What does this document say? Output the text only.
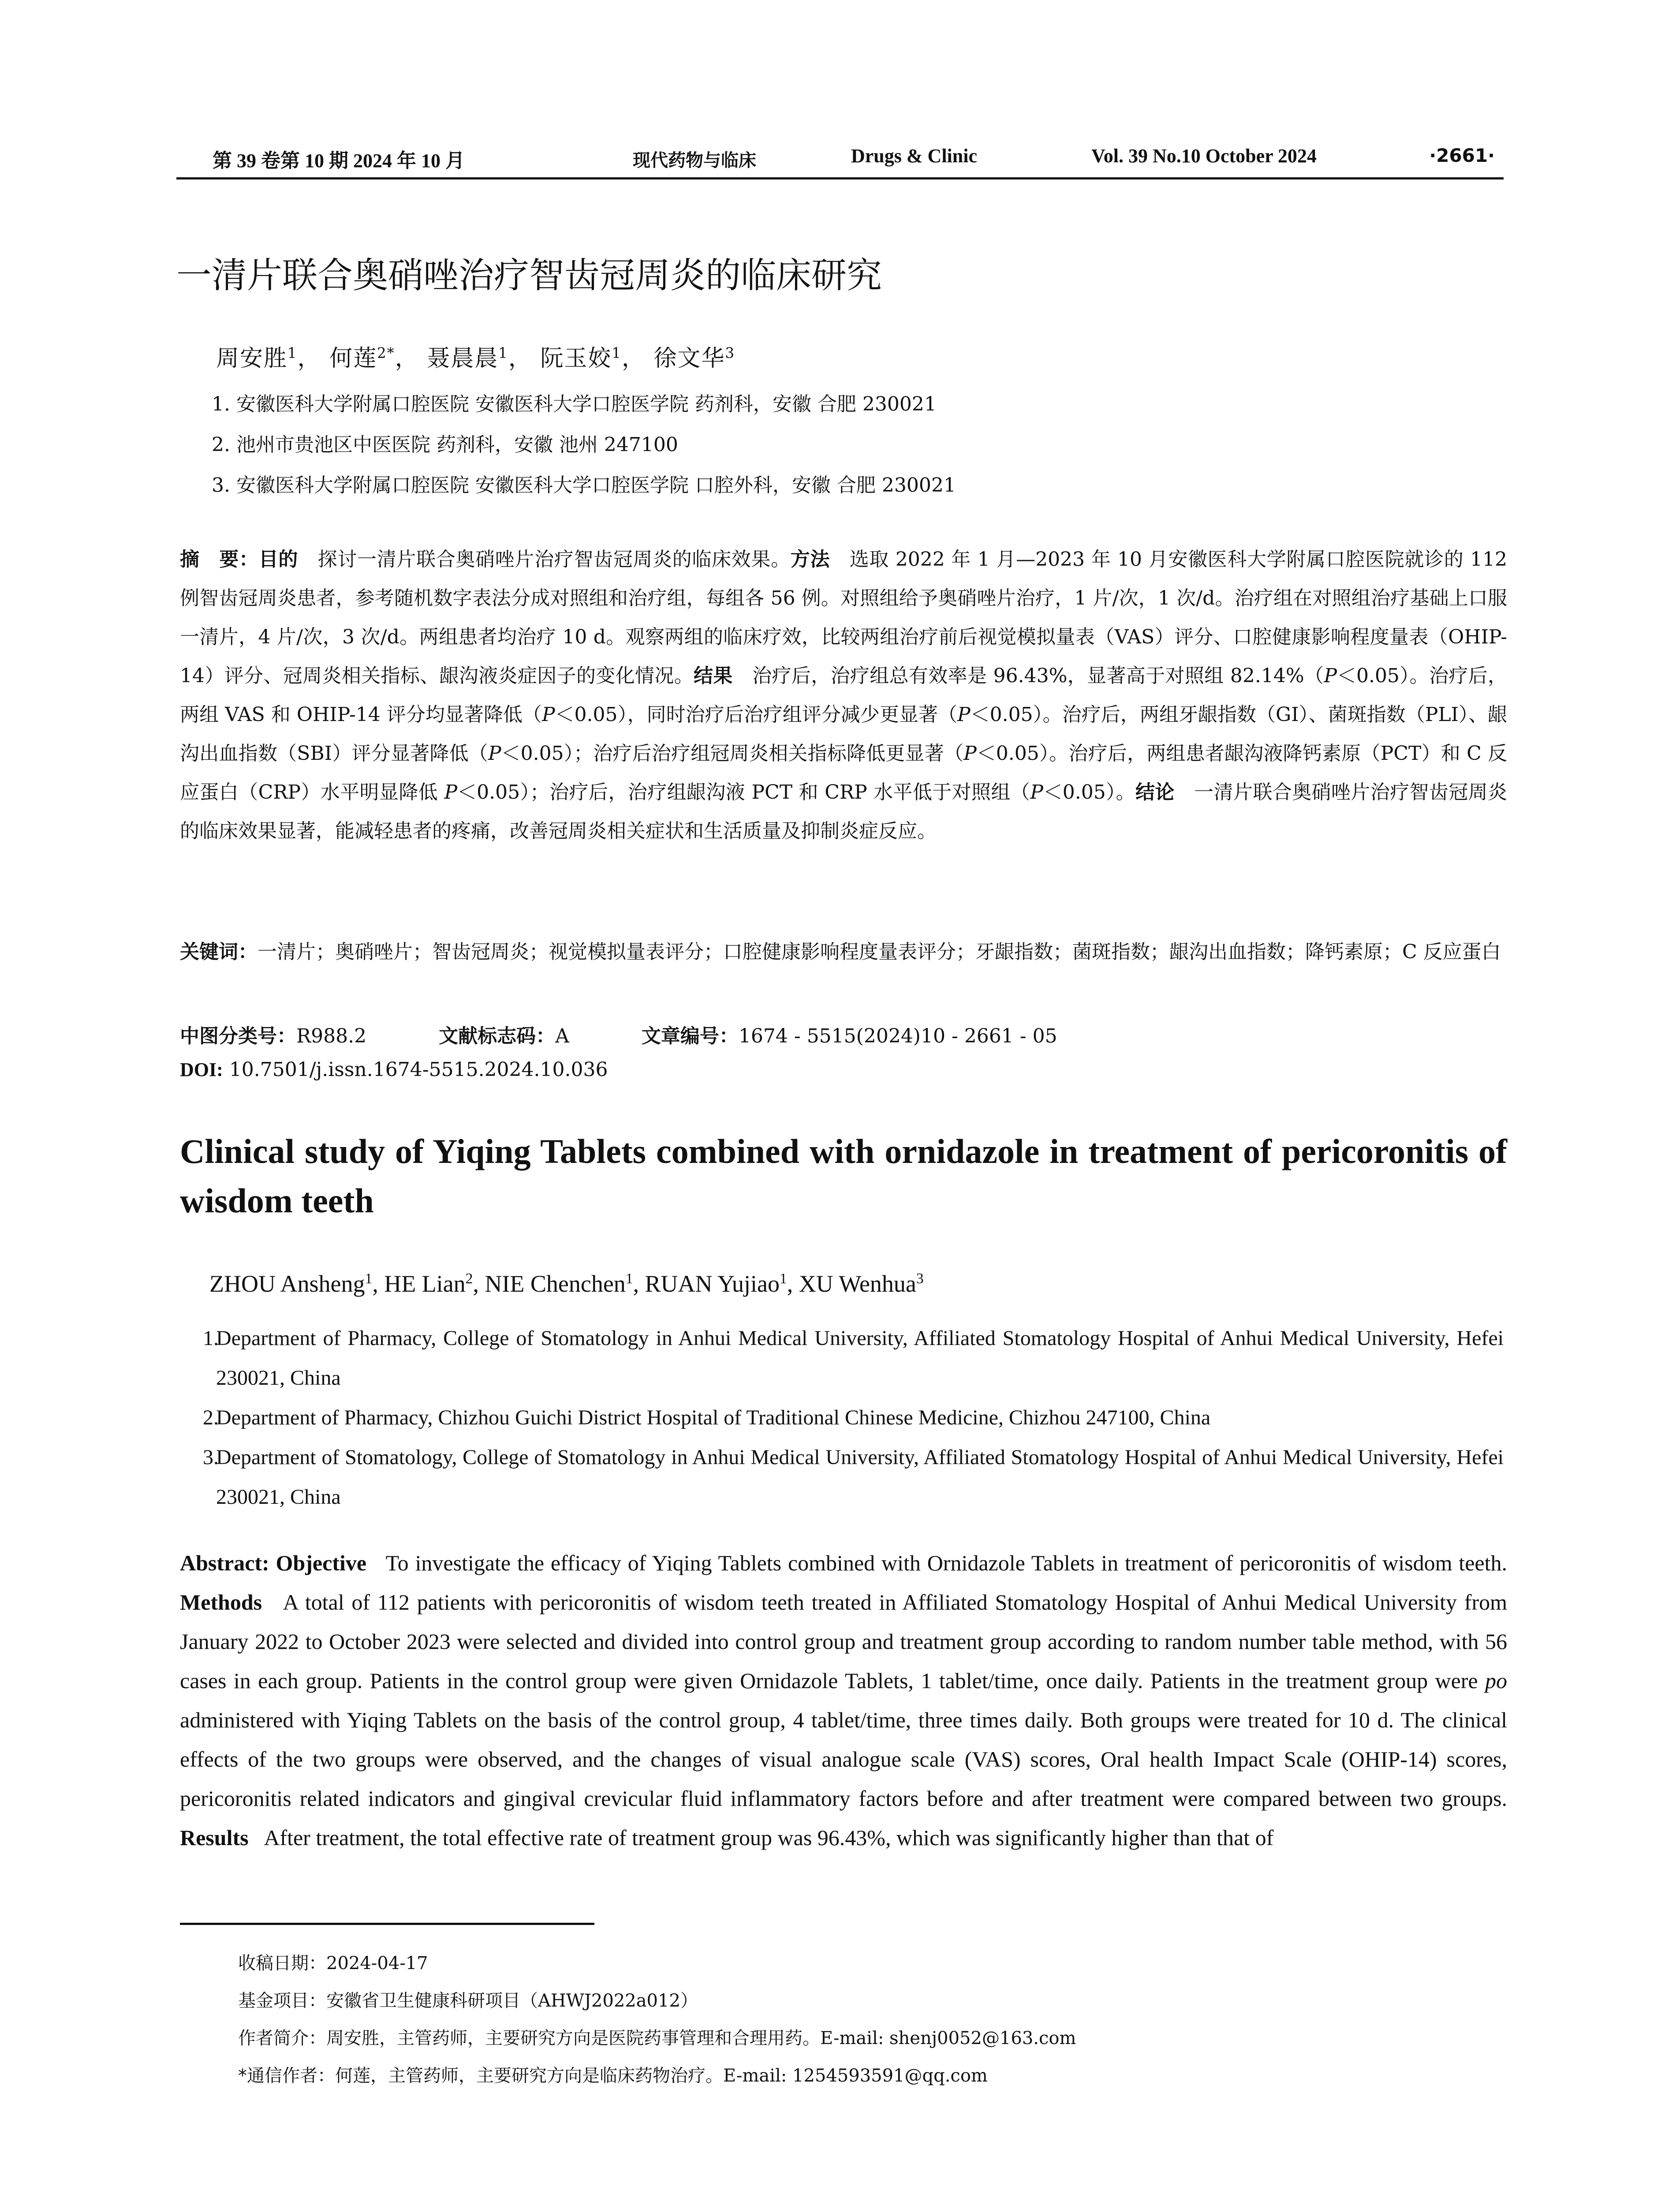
第 39 卷第 10 期 2024 年 10 月	现代药物与临床	Drugs & Clinic	Vol. 39 No.10 October 2024	·2661·
一清片联合奥硝唑治疗智齿冠周炎的临床研究
周安胜$^1$， 何莲$^{2*}$， 聂晨晨$^1$， 阮玉姣$^1$， 徐文华$^3$
1. 安徽医科大学附属口腔医院 安徽医科大学口腔医学院 药剂科，安徽 合肥 230021
2. 池州市贵池区中医医院 药剂科，安徽 池州 247100
3. 安徽医科大学附属口腔医院 安徽医科大学口腔医学院 口腔外科，安徽 合肥 230021
摘　要：目的　 探讨一清片联合奥硝唑片治疗智齿冠周炎的临床效果。方法　 选取 2022 年 1 月—2023 年 10 月安徽医科大学附属口腔医院就诊的 112 例智齿冠周炎患者，参考随机数字表法分成对照组和治疗组，每组各 56 例。对照组给予奥硝唑片治疗，1 片/次，1 次/d。治疗组在对照组治疗基础上口服一清片，4 片/次，3 次/d。两组患者均治疗 10 d。观察两组的临床疗效，比较两组治疗前后视觉模拟量表（VAS）评分、口腔健康影响程度量表（OHIP-14）评分、冠周炎相关指标、龈沟液炎症因子的变化情况。结果　 治疗后，治疗组总有效率是 96.43%，显著高于对照组 82.14%（P＜0.05）。治疗后，两组 VAS 和 OHIP-14 评分均显著降低（P＜0.05），同时治疗后治疗组评分减少更显著（P＜0.05）。治疗后，两组牙龈指数（GI）、菌斑指数（PLI）、龈沟出血指数（SBI）评分显著降低（P＜0.05）；治疗后治疗组冠周炎相关指标降低更显著（P＜0.05）。治疗后，两组患者龈沟液降钙素原（PCT）和 C 反应蛋白（CRP）水平明显降低 P＜0.05）；治疗后，治疗组龈沟液 PCT 和 CRP 水平低于对照组（P＜0.05）。结论　 一清片联合奥硝唑片治疗智齿冠周炎的临床效果显著，能减轻患者的疼痛，改善冠周炎相关症状和生活质量及抑制炎症反应。
关键词：一清片；奥硝唑片；智齿冠周炎；视觉模拟量表评分；口腔健康影响程度量表评分；牙龈指数；菌斑指数；龈沟出血指数；降钙素原；C 反应蛋白
中图分类号：R988.2	文献标志码：A	文章编号：1674 - 5515(2024)10 - 2661 - 05
DOI: 10.7501/j.issn.1674-5515.2024.10.036
Clinical study of Yiqing Tablets combined with ornidazole in treatment of pericoronitis of wisdom teeth
ZHOU Ansheng$^1$, HE Lian$^2$, NIE Chenchen$^1$, RUAN Yujiao$^1$, XU Wenhua$^3$
1.
Department of Pharmacy, College of Stomatology in Anhui Medical University, Affiliated Stomatology Hospital of Anhui Medical University, Hefei 230021, China
2.
Department of Pharmacy, Chizhou Guichi District Hospital of Traditional Chinese Medicine, Chizhou 247100, China
3.
Department of Stomatology, College of Stomatology in Anhui Medical University, Affiliated Stomatology Hospital of Anhui Medical University, Hefei 230021, China
Abstract: Objective To investigate the efficacy of Yiqing Tablets combined with Ornidazole Tablets in treatment of pericoronitis of wisdom teeth. Methods A total of 112 patients with pericoronitis of wisdom teeth treated in Affiliated Stomatology Hospital of Anhui Medical University from January 2022 to October 2023 were selected and divided into control group and treatment group according to random number table method, with 56 cases in each group. Patients in the control group were given Ornidazole Tablets, 1 tablet/time, once daily. Patients in the treatment group were po administered with Yiqing Tablets on the basis of the control group, 4 tablet/time, three times daily. Both groups were treated for 10 d. The clinical effects of the two groups were observed, and the changes of visual analogue scale (VAS) scores, Oral health Impact Scale (OHIP-14) scores, pericoronitis related indicators and gingival crevicular fluid inflammatory factors before and after treatment were compared between two groups. Results After treatment, the total effective rate of treatment group was 96.43%, which was significantly higher than that of
收稿日期：2024-04-17
基金项目：安徽省卫生健康科研项目（AHWJ2022a012）
作者简介：周安胜，主管药师，主要研究方向是医院药事管理和合理用药。E-mail: shenj0052@163.com
*通信作者：何莲，主管药师，主要研究方向是临床药物治疗。E-mail: 1254593591@qq.com
